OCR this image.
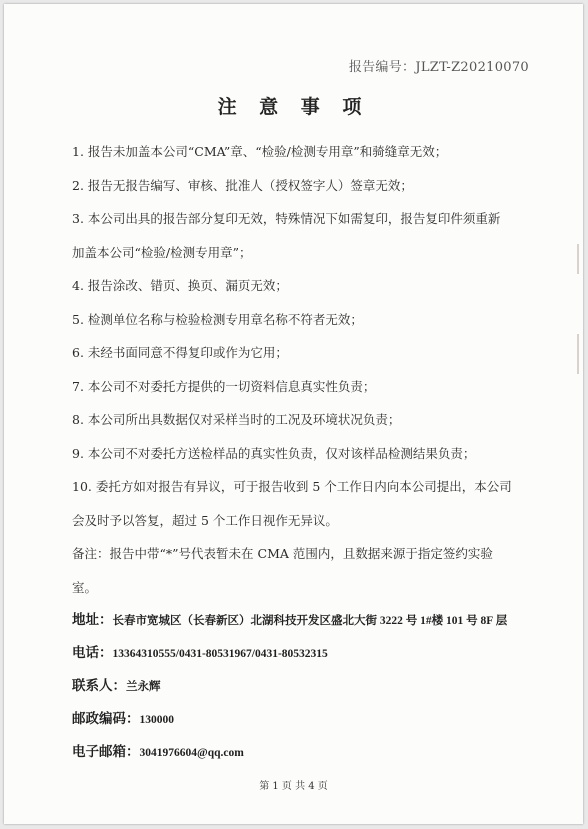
报告编号：JLZT-Z20210070
注 意 事 项

1. 报告未加盖本公司“CMA”章、“检验/检测专用章”和骑缝章无效；

2. 报告无报告编写、审核、批准人（授权签字人）签章无效；

3. 本公司出具的报告部分复印无效，特殊情况下如需复印，报告复印件须重新加盖本公司“检验/检测专用章”；

4. 报告涂改、错页、换页、漏页无效；

5. 检测单位名称与检验检测专用章名称不符者无效；

6. 未经书面同意不得复印或作为它用；

7. 本公司不对委托方提供的一切资料信息真实性负责；

8. 本公司所出具数据仅对采样当时的工况及环境状况负责；

9. 本公司不对委托方送检样品的真实性负责，仅对该样品检测结果负责；

10. 委托方如对报告有异议，可于报告收到 5 个工作日内向本公司提出，本公司会及时予以答复，超过 5 个工作日视作无异议。

备注：报告中带“*”号代表暂未在 CMA 范围内，且数据来源于指定签约实验室。

地址：长春市宽城区（长春新区）北湖科技开发区盛北大街 3222 号 1#楼 101 号 8F 层
电话：13364310555/0431-80531967/0431-80532315
联系人：兰永辉
邮政编码：130000
电子邮箱：3041976604@qq.com
第 1 页 共 4 页
